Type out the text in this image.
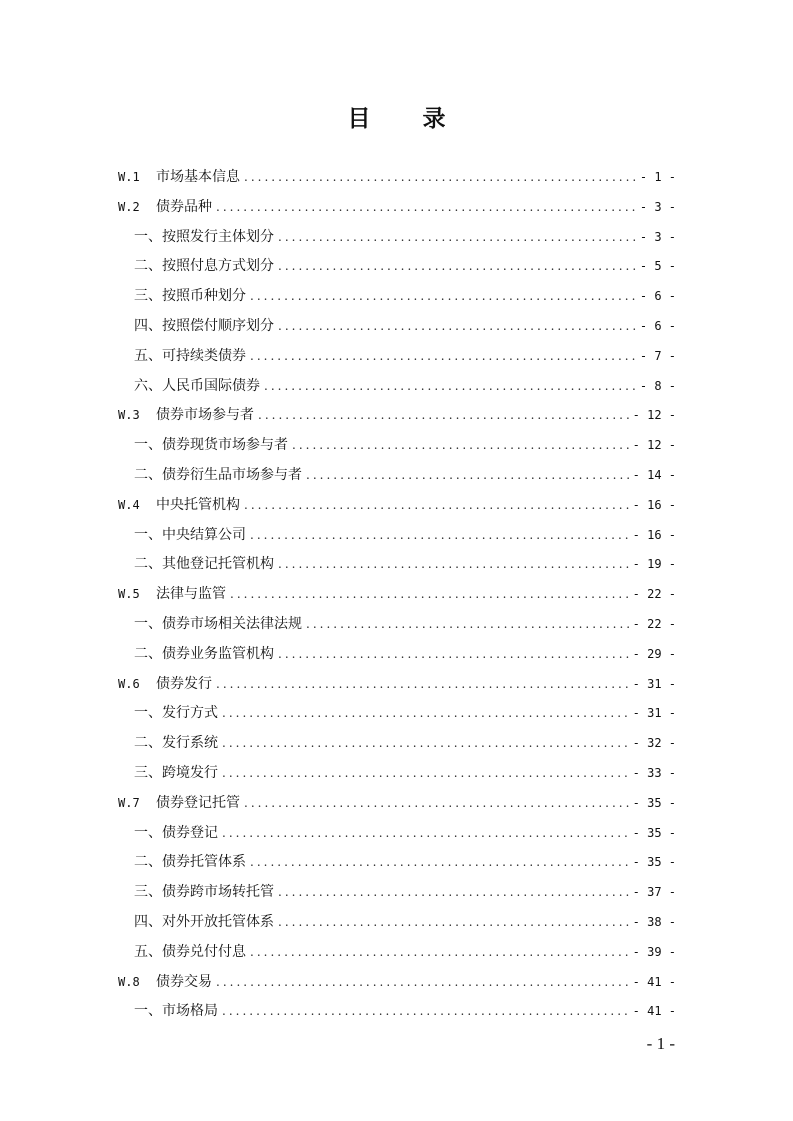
目 录
W.1	市场基本信息 .....	- 1 -
W.2	债券品种 .....	- 3 -
一、按照发行主体划分 .....	- 3 -
二、按照付息方式划分 .....	- 5 -
三、按照币种划分 .....	- 6 -
四、按照偿付顺序划分 .....	- 6 -
五、可持续类债券 .....	- 7 -
六、人民币国际债券 .....	- 8 -
W.3	债券市场参与者 .....	- 12 -
一、债券现货市场参与者 .....	- 12 -
二、债券衍生品市场参与者 .....	- 14 -
W.4	中央托管机构 .....	- 16 -
一、中央结算公司 .....	- 16 -
二、其他登记托管机构 .....	- 19 -
W.5	法律与监管 .....	- 22 -
一、债券市场相关法律法规 .....	- 22 -
二、债券业务监管机构 .....	- 29 -
W.6	债券发行 .....	- 31 -
一、发行方式 .....	- 31 -
二、发行系统 .....	- 32 -
三、跨境发行 .....	- 33 -
W.7	债券登记托管 .....	- 35 -
一、债券登记 .....	- 35 -
二、债券托管体系 .....	- 35 -
三、债券跨市场转托管 .....	- 37 -
四、对外开放托管体系 .....	- 38 -
五、债券兑付付息 .....	- 39 -
W.8	债券交易 .....	- 41 -
一、市场格局 .....	- 41 -
- 1 -
